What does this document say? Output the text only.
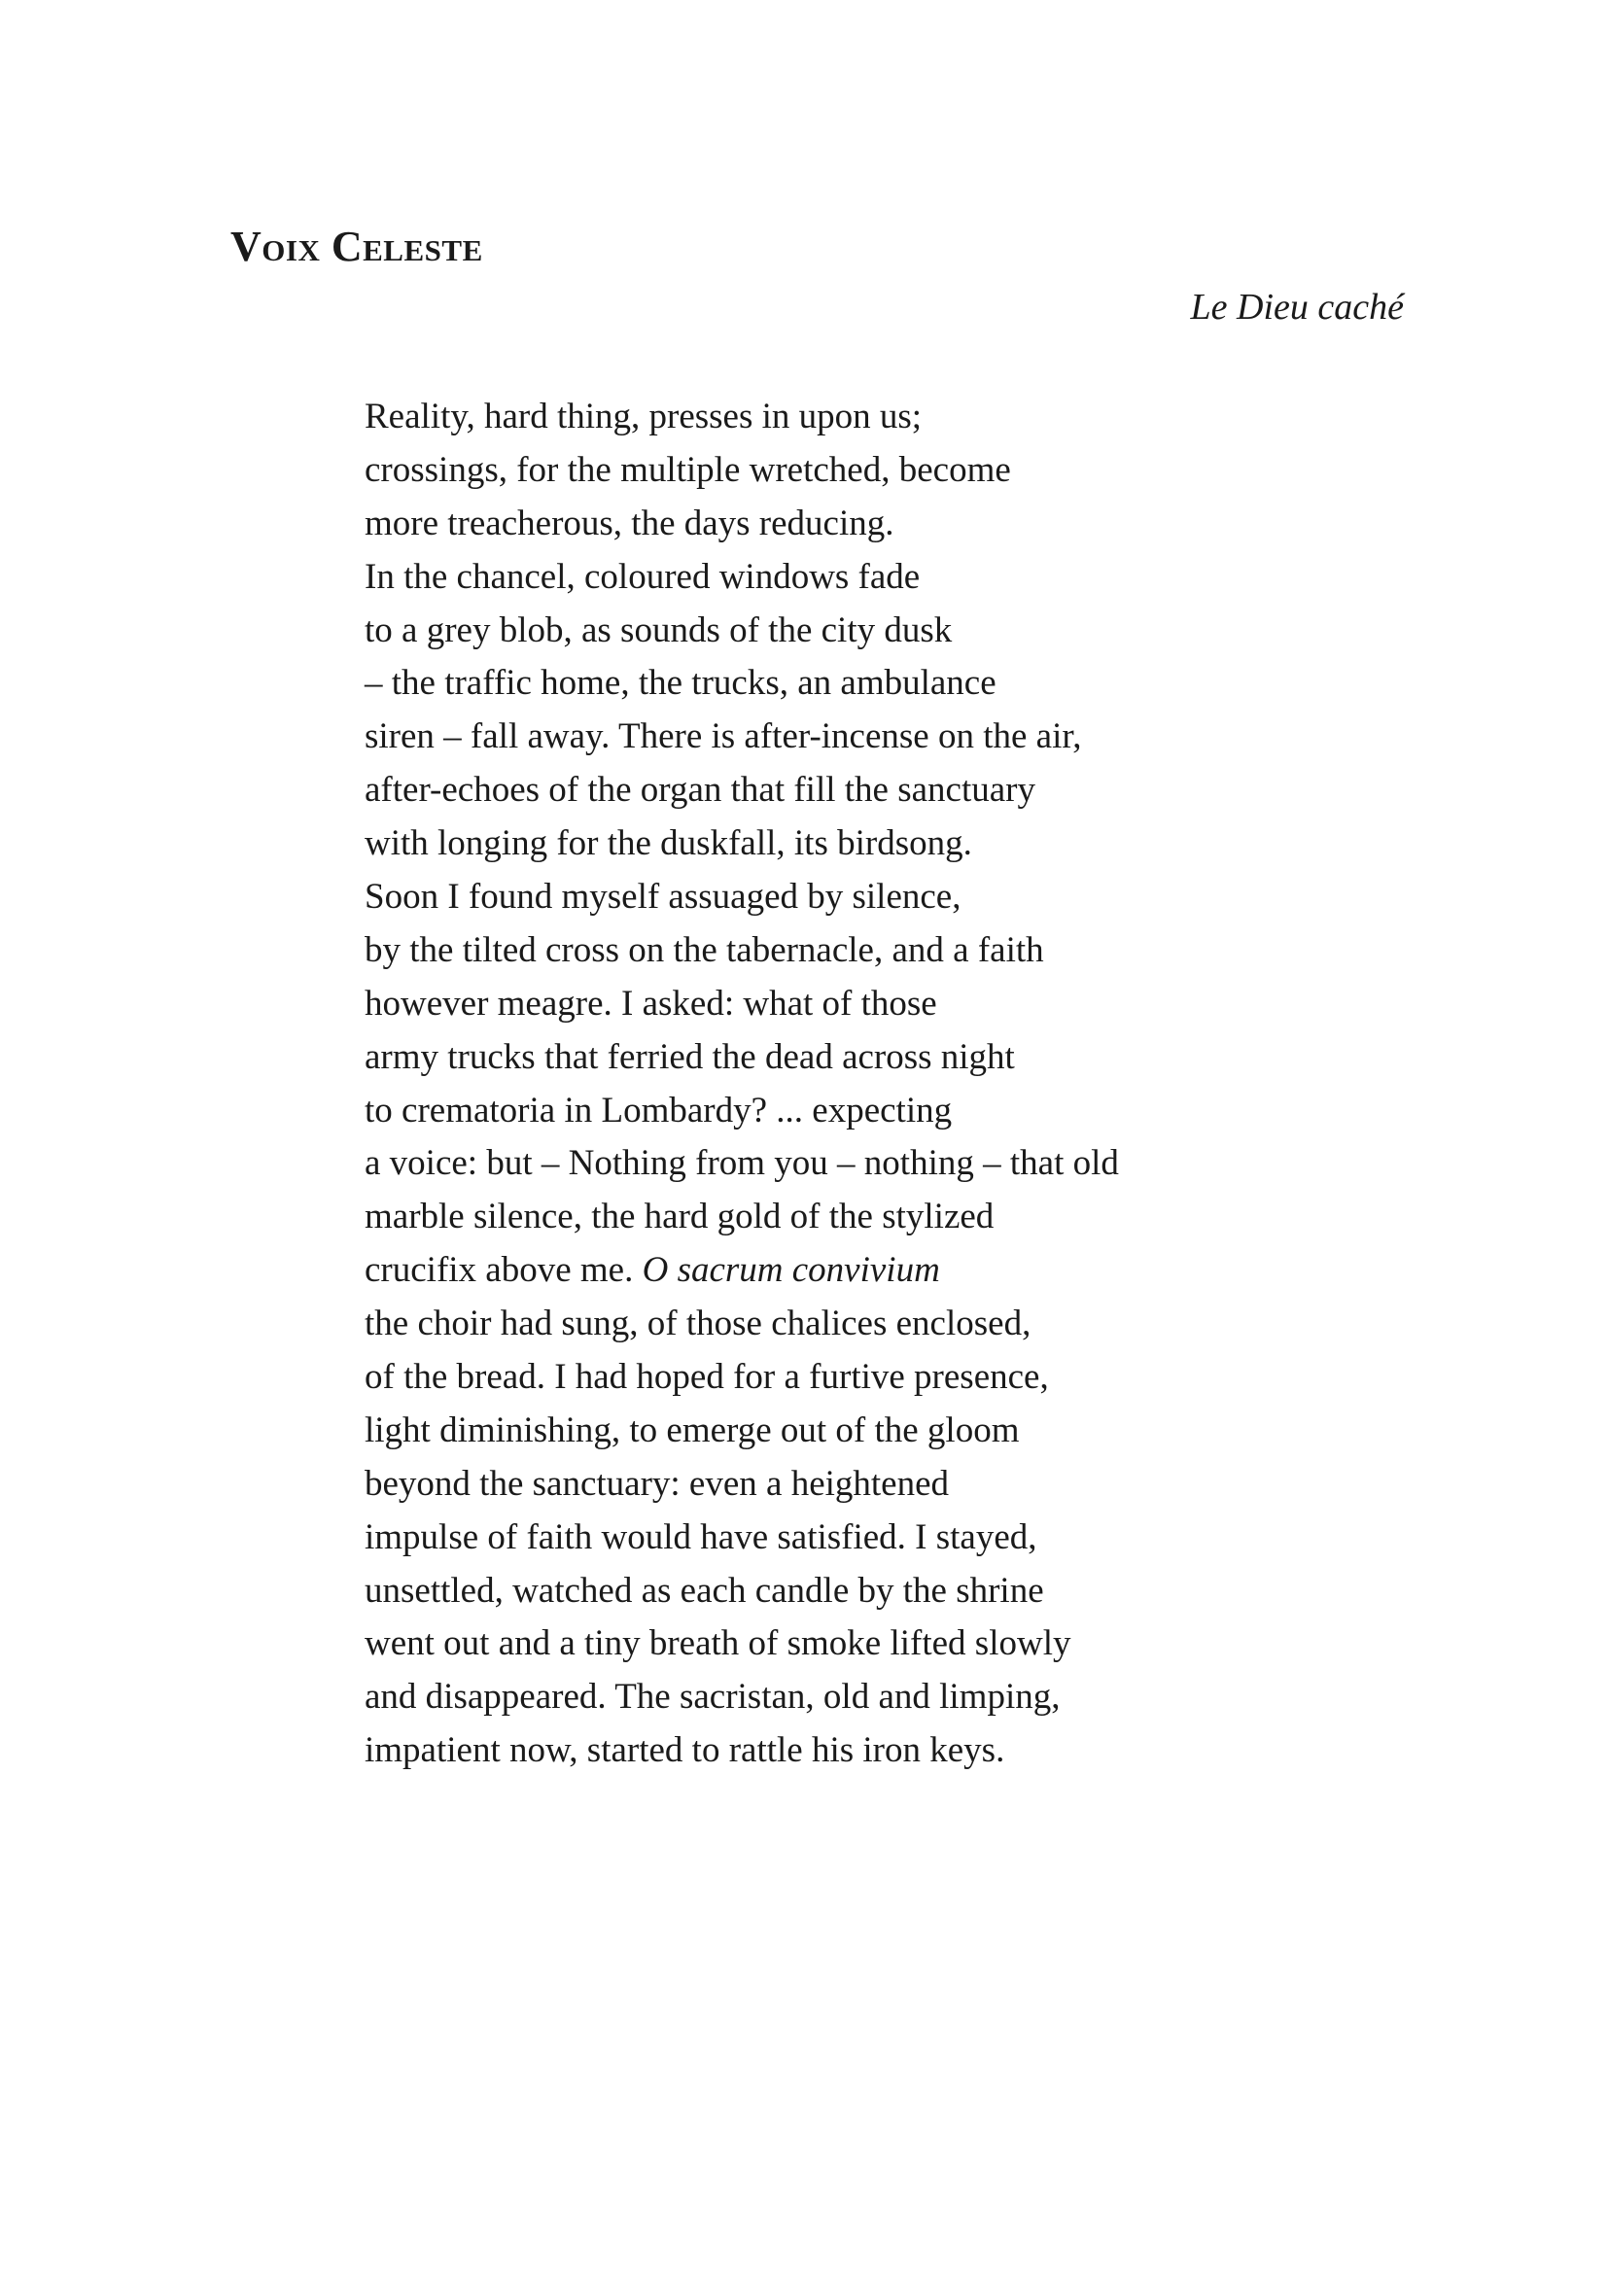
Voix Celeste
Le Dieu caché
Reality, hard thing, presses in upon us;
crossings, for the multiple wretched, become
more treacherous, the days reducing.
In the chancel, coloured windows fade
to a grey blob, as sounds of the city dusk
– the traffic home, the trucks, an ambulance
siren – fall away. There is after-incense on the air,
after-echoes of the organ that fill the sanctuary
with longing for the duskfall, its birdsong.
Soon I found myself assuaged by silence,
by the tilted cross on the tabernacle, and a faith
however meagre. I asked: what of those
army trucks that ferried the dead across night
to crematoria in Lombardy? ... expecting
a voice: but – Nothing from you – nothing – that old
marble silence, the hard gold of the stylized
crucifix above me. O sacrum convivium
the choir had sung, of those chalices enclosed,
of the bread. I had hoped for a furtive presence,
light diminishing, to emerge out of the gloom
beyond the sanctuary: even a heightened
impulse of faith would have satisfied. I stayed,
unsettled, watched as each candle by the shrine
went out and a tiny breath of smoke lifted slowly
and disappeared. The sacristan, old and limping,
impatient now, started to rattle his iron keys.
